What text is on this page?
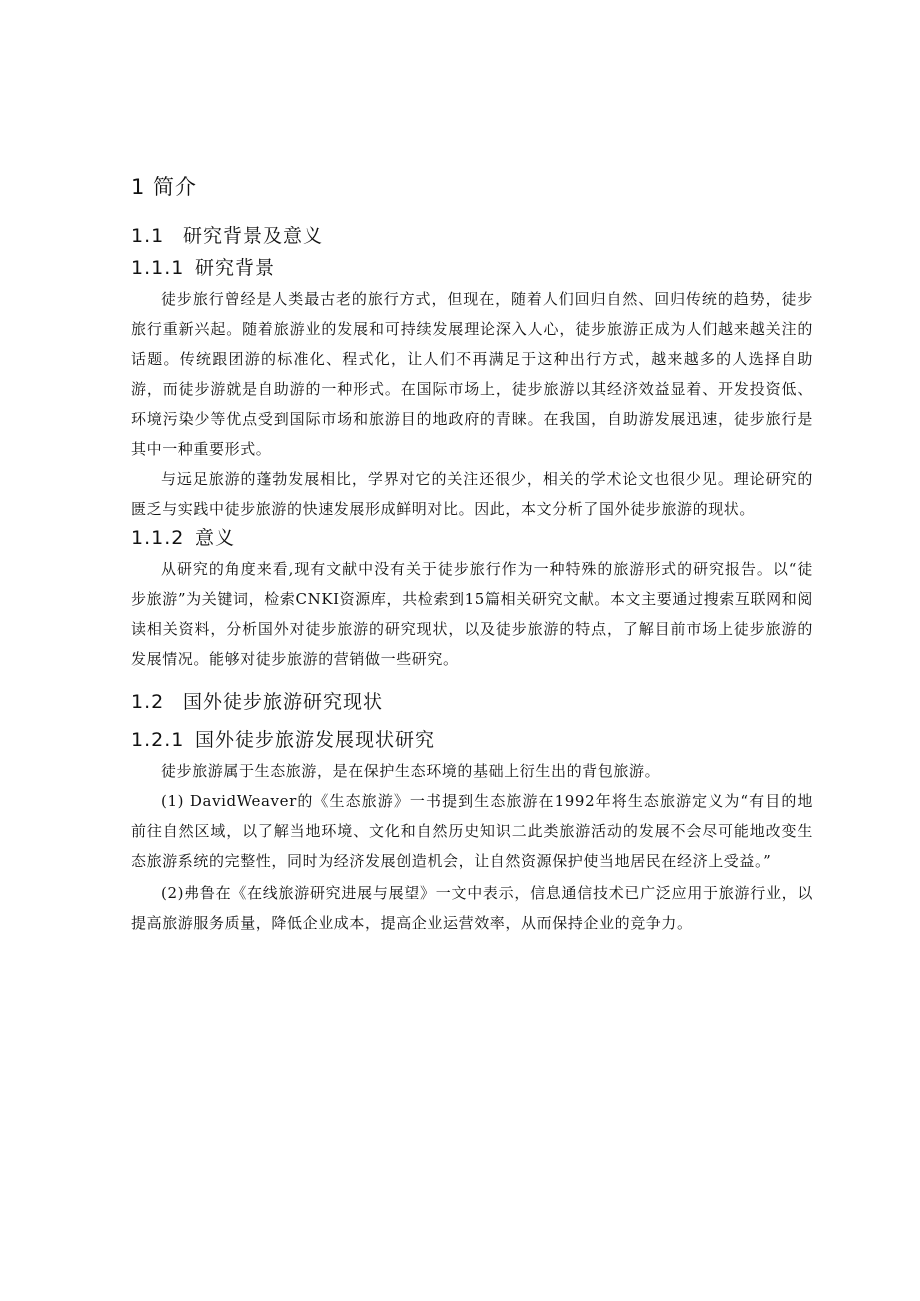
1 简介
1.1 研究背景及意义
1.1.1 研究背景

徒步旅行曾经是人类最古老的旅行方式，但现在，随着人们回归自然、回归传统的趋势，徒步旅行重新兴起。随着旅游业的发展和可持续发展理论深入人心，徒步旅游正成为人们越来越关注的话题。传统跟团游的标准化、程式化，让人们不再满足于这种出行方式，越来越多的人选择自助游，而徒步游就是自助游的一种形式。在国际市场上，徒步旅游以其经济效益显着、开发投资低、环境污染少等优点受到国际市场和旅游目的地政府的青睐。在我国，自助游发展迅速，徒步旅行是其中一种重要形式。

与远足旅游的蓬勃发展相比，学界对它的关注还很少，相关的学术论文也很少见。理论研究的匮乏与实践中徒步旅游的快速发展形成鲜明对比。因此，本文分析了国外徒步旅游的现状。

1.1.2 意义

从研究的角度来看,现有文献中没有关于徒步旅行作为一种特殊的旅游形式的研究报告。以“徒步旅游”为关键词，检索CNKI资源库，共检索到15篇相关研究文献。本文主要通过搜索互联网和阅读相关资料，分析国外对徒步旅游的研究现状，以及徒步旅游的特点，了解目前市场上徒步旅游的发展情况。能够对徒步旅游的营销做一些研究。

1.2 国外徒步旅游研究现状
1.2.1 国外徒步旅游发展现状研究

徒步旅游属于生态旅游，是在保护生态环境的基础上衍生出的背包旅游。

(1) DavidWeaver的《生态旅游》一书提到生态旅游在1992年将生态旅游定义为“有目的地前往自然区域，以了解当地环境、文化和自然历史知识二此类旅游活动的发展不会尽可能地改变生态旅游系统的完整性，同时为经济发展创造机会，让自然资源保护使当地居民在经济上受益。”

(2)弗鲁在《在线旅游研究进展与展望》一文中表示，信息通信技术已广泛应用于旅游行业，以提高旅游服务质量，降低企业成本，提高企业运营效率，从而保持企业的竞争力。
